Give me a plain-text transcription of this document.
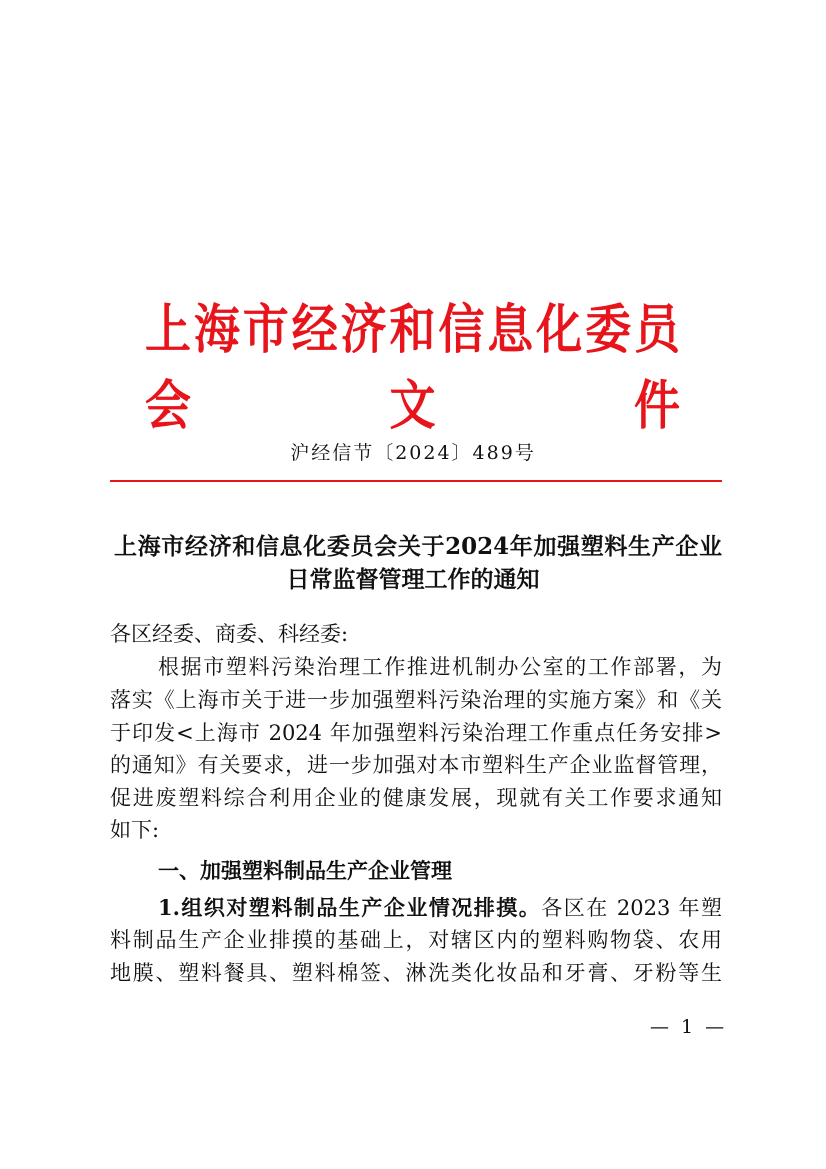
上海市经济和信息化委员会文件
沪经信节〔2024〕489号
上海市经济和信息化委员会关于2024年加强塑料生产企业
日常监督管理工作的通知
各区经委、商委、科经委:
根据市塑料污染治理工作推进机制办公室的工作部署，为
落实《上海市关于进一步加强塑料污染治理的实施方案》和《关
于印发<上海市 2024 年加强塑料污染治理工作重点任务安排>
的通知》有关要求，进一步加强对本市塑料生产企业监督管理，
促进废塑料综合利用企业的健康发展，现就有关工作要求通知
如下:
一、加强塑料制品生产企业管理
1.组织对塑料制品生产企业情况排摸。各区在 2023 年塑
料制品生产企业排摸的基础上，对辖区内的塑料购物袋、农用
地膜、塑料餐具、塑料棉签、淋洗类化妆品和牙膏、牙粉等生
— 1 —
